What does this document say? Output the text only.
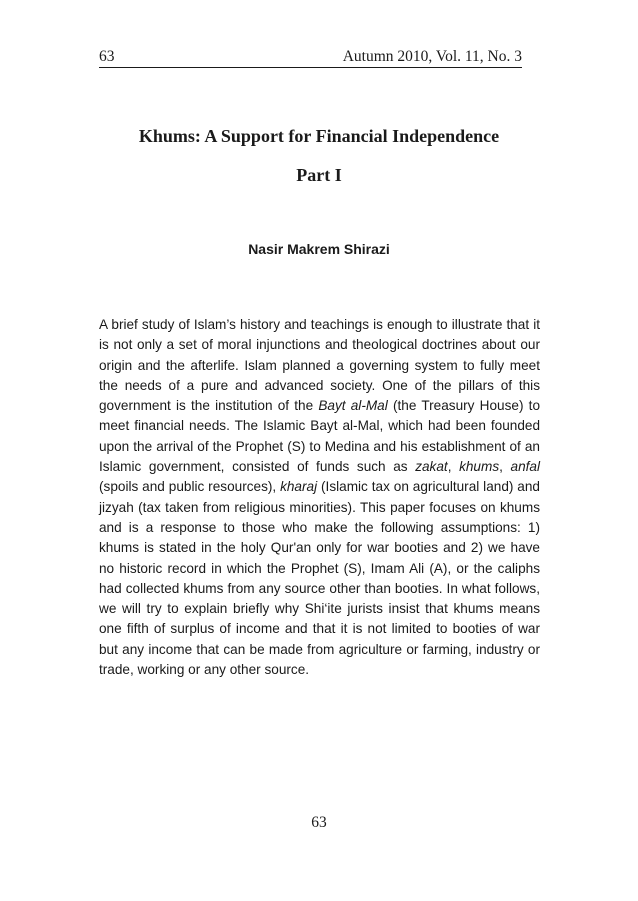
63	Autumn 2010, Vol. 11, No. 3
Khums: A Support for Financial Independence
Part I
Nasir Makrem Shirazi

A brief study of Islam’s history and teachings is enough to illustrate that it is not only a set of moral injunctions and theological doctrines about our origin and the afterlife. Islam planned a governing system to fully meet the needs of a pure and advanced society. One of the pillars of this government is the institution of the Bayt al-Mal (the Treasury House) to meet financial needs. The Islamic Bayt al-Mal, which had been founded upon the arrival of the Prophet (S) to Medina and his establishment of an Islamic government, consisted of funds such as zakat, khums, anfal (spoils and public resources), kharaj (Islamic tax on agricultural land) and jizyah (tax taken from religious minorities). This paper focuses on khums and is a response to those who make the following assumptions: 1) khums is stated in the holy Qur'an only for war booties and 2) we have no historic record in which the Prophet (S), Imam Ali (A), or the caliphs had collected khums from any source other than booties. In what follows, we will try to explain briefly why Shi‘ite jurists insist that khums means one fifth of surplus of income and that it is not limited to booties of war but any income that can be made from agriculture or farming, industry or trade, working or any other source.

63
